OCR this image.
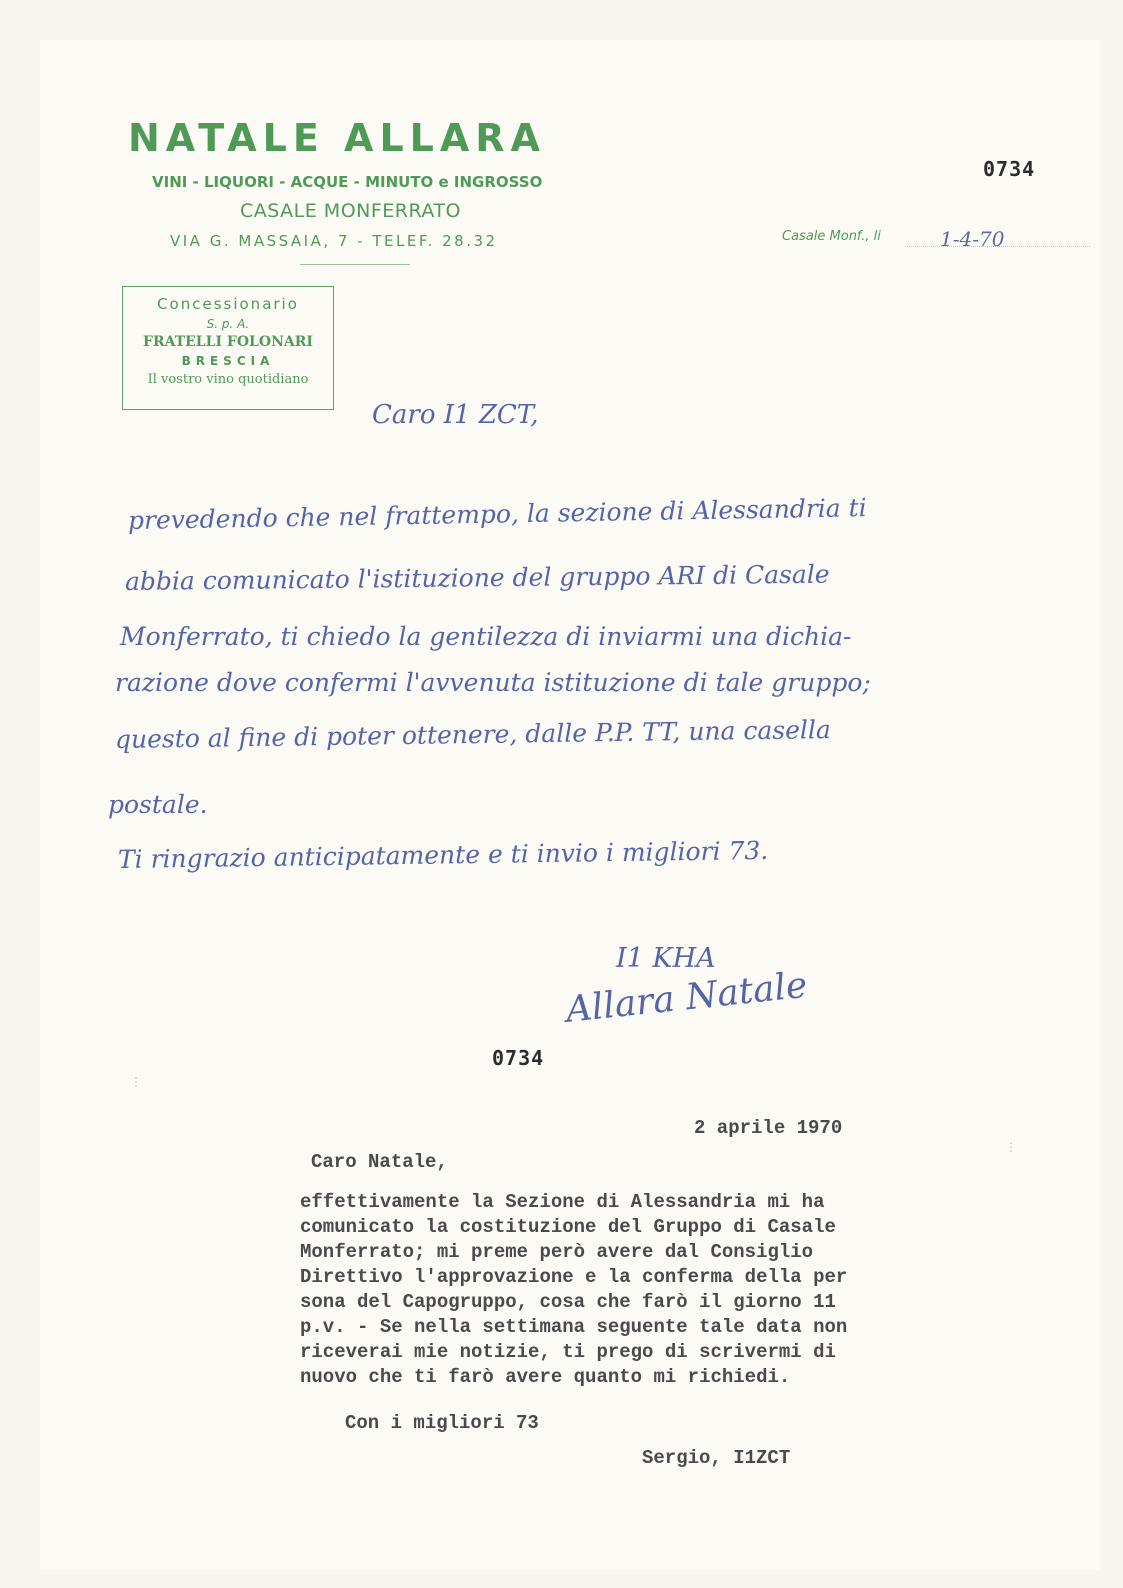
NATALE ALLARA
VINI - LIQUORI - ACQUE - MINUTO e INGROSSO
CASALE MONFERRATO
VIA G. MASSAIA, 7 - TELEF. 28.32
Concessionario
S. p. A.
FRATELLI FOLONARI
BRESCIA
Il vostro vino quotidiano
Casale Monf., li	1-4-70
0734
0734
Caro I1 ZCT,
prevedendo che nel frattempo, la sezione di Alessandria ti
abbia comunicato l'istituzione del gruppo ARI di Casale
Monferrato, ti chiedo la gentilezza di inviarmi una dichia-
razione dove confermi l'avvenuta istituzione di tale gruppo;
questo al fine di poter ottenere, dalle P.P. TT, una casella
postale.
Ti ringrazio anticipatamente e ti invio i migliori 73.
I1 KHA
Allara Natale
2 aprile 1970
Caro Natale,
effettivamente la Sezione di Alessandria mi ha
comunicato la costituzione del Gruppo di Casale
Monferrato; mi preme però avere dal Consiglio
Direttivo l'approvazione e la conferma della per
sona del Capogruppo, cosa che farò il giorno 11
p.v. - Se nella settimana seguente tale data non
riceverai mie notizie, ti prego di scrivermi di
nuovo che ti farò avere quanto mi richiedi.
Con i migliori 73
Sergio, I1ZCT
⋮
⋮
